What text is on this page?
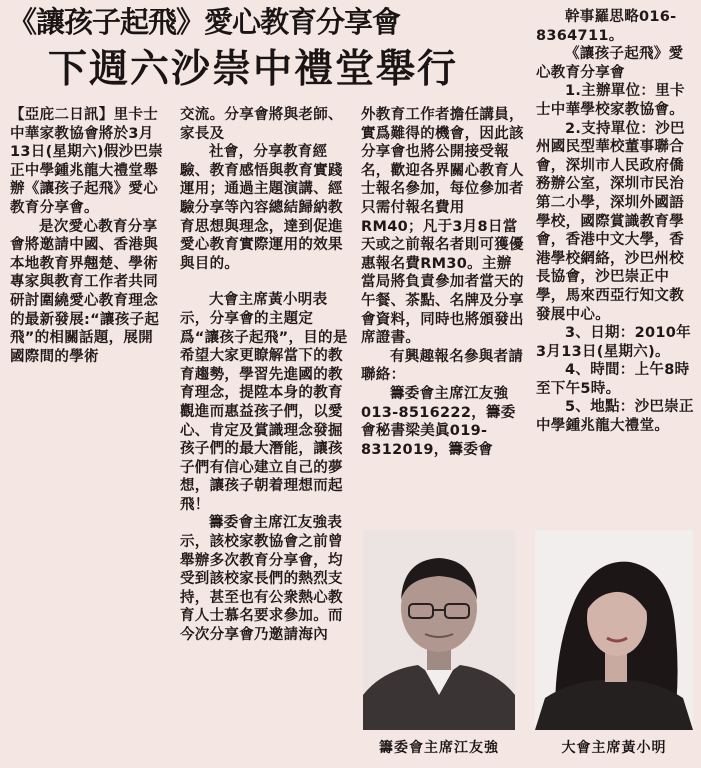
《讓孩子起飛》愛心教育分享會
下週六沙崇中禮堂舉行

【亞庇二日訊】里卡士中華家教協會將於3月13日(星期六)假沙巴崇正中學鍾兆龍大禮堂舉辦《讓孩子起飛》愛心教育分享會。

是次愛心教育分享會將邀請中國、香港與本地教育界翹楚、學術專家與教育工作者共同研討圍繞愛心教育理念的最新發展:“讓孩子起飛”的相關話題，展開國際間的學術

交流。分享會將與老師、家長及

社會，分享教育經驗、教育感悟與教育實踐運用；通過主題演講、經驗分享等內容總結歸納教育思想與理念，達到促進愛心教育實際運用的效果與目的。

大會主席黃小明表示，分享會的主題定爲“讓孩子起飛”，目的是希望大家更瞭解當下的教育趨勢，學習先進國的教育理念，提陞本身的教育觀進而惠益孩子們，以愛心、肯定及賞識理念發掘孩子們的最大潛能，讓孩子們有信心建立自己的夢想，讓孩子朝着理想而起飛！

籌委會主席江友強表示，該校家教協會之前曾舉辦多次教育分享會，均受到該校家長們的熱烈支持，甚至也有公衆熱心教育人士慕名要求參加。而今次分享會乃邀請海內

外教育工作者擔任講員，實爲難得的機會，因此該分享會也將公開接受報名，歡迎各界關心教育人士報名參加，每位參加者只需付報名費用RM40；凡于3月8日當天或之前報名者則可獲優惠報名費RM30。主辦當局將負責參加者當天的午餐、茶點、名牌及分享會資料，同時也將頒發出席證書。

有興趣報名參與者請聯絡：

籌委會主席江友強013-8516222，籌委會秘書梁美眞019-8312019，籌委會

幹事羅思略016-8364711。

《讓孩子起飛》愛心教育分享會

1.主辦單位：里卡士中華學校家教協會。

2.支持單位：沙巴州國民型華校董事聯合會，深圳市人民政府僑務辦公室，深圳市民治第二小學，深圳外國語學校，國際賞識教育學會，香港中文大學，香港學校網絡，沙巴州校長協會，沙巴崇正中學，馬來西亞行知文教發展中心。

3、日期：2010年3月13日(星期六)。

4、時間：上午8時至下午5時。

5、地點：沙巴崇正中學鍾兆龍大禮堂。

籌委會主席江友強	大會主席黃小明
